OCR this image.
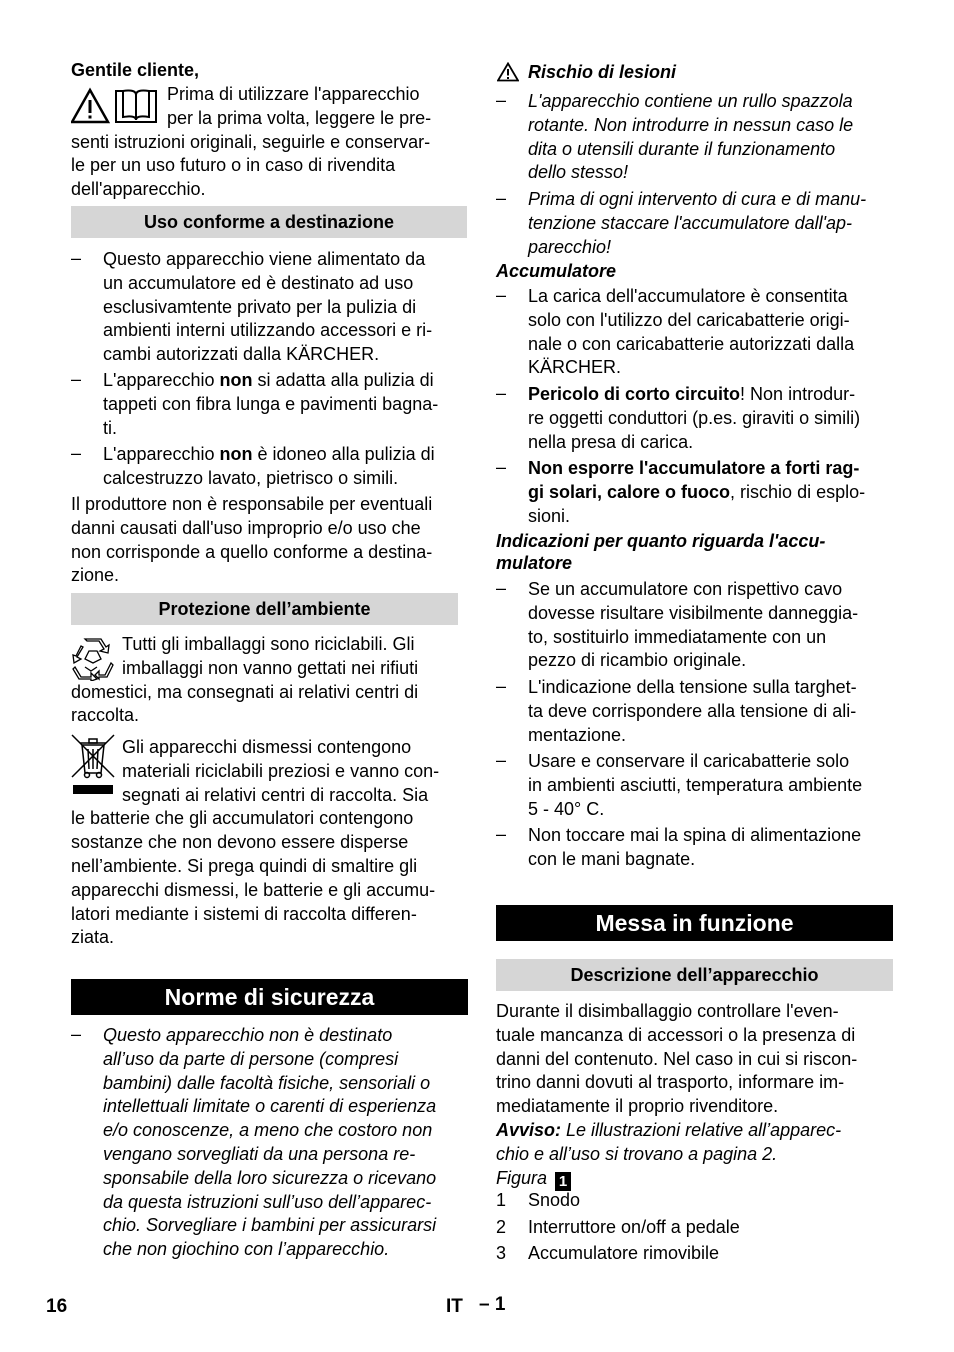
Gentile cliente,

Prima di utilizzare l'apparecchio

per la prima volta, leggere le pre-

senti istruzioni originali, seguirle e conservar-

le per un uso futuro o in caso di rivendita

dell'apparecchio.

Uso conforme a destinazione
– Questo apparecchio viene alimentato da

un accumulatore ed è destinato ad uso

esclusivamtente privato per la pulizia di

ambienti interni utilizzando accessori e ri-

cambi autorizzati dalla KÄRCHER.

– L'apparecchio non si adatta alla pulizia di

tappeti con fibra lunga e pavimenti bagna-

ti.

– L'apparecchio non è idoneo alla pulizia di

calcestruzzo lavato, pietrisco o simili.

Il produttore non è responsabile per eventuali

danni causati dall'uso improprio e/o uso che

non corrisponde a quello conforme a destina-

zione.

Protezione dell’ambiente

Tutti gli imballaggi sono riciclabili. Gli

imballaggi non vanno gettati nei rifiuti

domestici, ma consegnati ai relativi centri di

raccolta.

Gli apparecchi dismessi contengono

materiali riciclabili preziosi e vanno con-

segnati ai relativi centri di raccolta. Sia

le batterie che gli accumulatori contengono

sostanze che non devono essere disperse

nell’ambiente. Si prega quindi di smaltire gli

apparecchi dismessi, le batterie e gli accumu-

latori mediante i sistemi di raccolta differen-

ziata.

Norme di sicurezza
– Questo apparecchio non è destinato

all’uso da parte di persone (compresi

bambini) dalle facoltà fisiche, sensoriali o

intellettuali limitate o carenti di esperienza

e/o conoscenze, a meno che costoro non

vengano sorvegliati da una persona re-

sponsabile della loro sicurezza o ricevano

da questa istruzioni sull’uso dell’apparec-

chio. Sorvegliare i bambini per assicurarsi

che non giochino con l’apparecchio.

Rischio di lesioni
– L'apparecchio contiene un rullo spazzola

rotante. Non introdurre in nessun caso le

dita o utensili durante il funzionamento

dello stesso!

– Prima di ogni intervento di cura e di manu-

tenzione staccare l'accumulatore dall'ap-

parecchio!

Accumulatore
– La carica dell'accumulatore è consentita

solo con l'utilizzo del caricabatterie origi-

nale o con caricabatterie autorizzati dalla

KÄRCHER.

– Pericolo di corto circuito! Non introdur-

re oggetti conduttori (p.es. giraviti o simili)

nella presa di carica.

– Non esporre l'accumulatore a forti rag-

gi solari, calore o fuoco, rischio di esplo-

sioni.

Indicazioni per quanto riguarda l'accu-

mulatore

– Se un accumulatore con rispettivo cavo

dovesse risultare visibilmente danneggia-

to, sostituirlo immediatamente con un

pezzo di ricambio originale.

– L'indicazione della tensione sulla targhet-

ta deve corrispondere alla tensione di ali-

mentazione.

– Usare e conservare il caricabatterie solo

in ambienti asciutti, temperatura ambiente

5 - 40° C.

– Non toccare mai la spina di alimentazione

con le mani bagnate.

Messa in funzione
Descrizione dell’apparecchio

Durante il disimballaggio controllare l'even-

tuale mancanza di accessori o la presenza di

danni del contenuto. Nel caso in cui si riscon-

trino danni dovuti al trasporto, informare im-

mediatamente il proprio rivenditore.

Avviso: Le illustrazioni relative all’apparec-

chio e all’uso si trovano a pagina 2.

Figura 1

1 Snodo
2 Interruttore on/off a pedale
3 Accumulatore rimovibile
16	IT – 1
